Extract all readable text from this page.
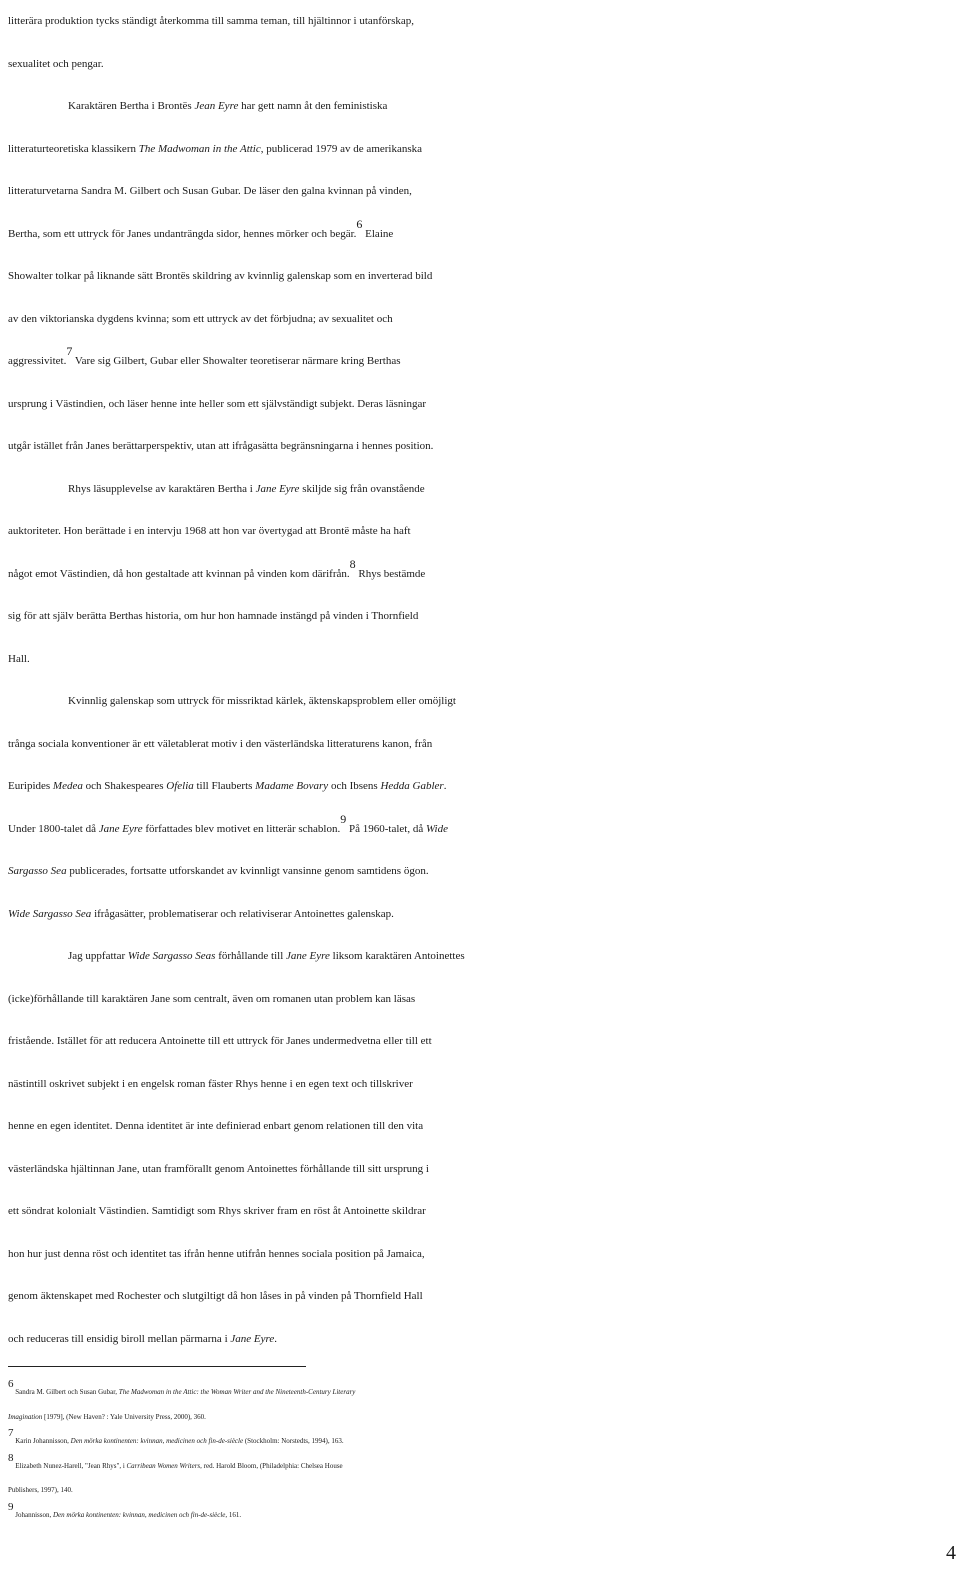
litterära produktion tycks ständigt återkomma till samma teman, till hjältinnor i utanförskap,
sexualitet och pengar.
Karaktären Bertha i Brontës Jean Eyre har gett namn åt den feministiska
litteraturteoretiska klassikern The Madwoman in the Attic, publicerad 1979 av de amerikanska
litteraturvetarna Sandra M. Gilbert och Susan Gubar. De läser den galna kvinnan på vinden,
Bertha, som ett uttryck för Janes undanträngda sidor, hennes mörker och begär.$^6$ Elaine
Showalter tolkar på liknande sätt Brontës skildring av kvinnlig galenskap som en inverterad bild
av den viktorianska dygdens kvinna; som ett uttryck av det förbjudna; av sexualitet och
aggressivitet.$^7$ Vare sig Gilbert, Gubar eller Showalter teoretiserar närmare kring Berthas
ursprung i Västindien, och läser henne inte heller som ett självständigt subjekt. Deras läsningar
utgår istället från Janes berättarperspektiv, utan att ifrågasätta begränsningarna i hennes position.
Rhys läsupplevelse av karaktären Bertha i Jane Eyre skiljde sig från ovanstående
auktoriteter. Hon berättade i en intervju 1968 att hon var övertygad att Brontë måste ha haft
något emot Västindien, då hon gestaltade att kvinnan på vinden kom därifrån.$^8$ Rhys bestämde
sig för att själv berätta Berthas historia, om hur hon hamnade instängd på vinden i Thornfield
Hall.
Kvinnlig galenskap som uttryck för missriktad kärlek, äktenskapsproblem eller omöjligt
trånga sociala konventioner är ett väletablerat motiv i den västerländska litteraturens kanon, från
Euripides Medea och Shakespeares Ofelia till Flauberts Madame Bovary och Ibsens Hedda Gabler.
Under 1800-talet då Jane Eyre författades blev motivet en litterär schablon.$^9$ På 1960-talet, då Wide
Sargasso Sea publicerades, fortsatte utforskandet av kvinnligt vansinne genom samtidens ögon.
Wide Sargasso Sea ifrågasätter, problematiserar och relativiserar Antoinettes galenskap.
Jag uppfattar Wide Sargasso Seas förhållande till Jane Eyre liksom karaktären Antoinettes
(icke)förhållande till karaktären Jane som centralt, även om romanen utan problem kan läsas
fristående. Istället för att reducera Antoinette till ett uttryck för Janes undermedvetna eller till ett
nästintill oskrivet subjekt i en engelsk roman fäster Rhys henne i en egen text och tillskriver
henne en egen identitet. Denna identitet är inte definierad enbart genom relationen till den vita
västerländska hjältinnan Jane, utan framförallt genom Antoinettes förhållande till sitt ursprung i
ett söndrat kolonialt Västindien. Samtidigt som Rhys skriver fram en röst åt Antoinette skildrar
hon hur just denna röst och identitet tas ifrån henne utifrån hennes sociala position på Jamaica,
genom äktenskapet med Rochester och slutgiltigt då hon låses in på vinden på Thornfield Hall
och reduceras till ensidig biroll mellan pärmarna i Jane Eyre.
$^6$ Sandra M. Gilbert och Susan Gubar, The Madwoman in the Attic: the Woman Writer and the Nineteenth-Century Literary
Imagination [1979], (New Haven? : Yale University Press, 2000), 360.
$^7$ Karin Johannisson, Den mörka kontinenten: kvinnan, medicinen och fin-de-siècle (Stockholm: Norstedts, 1994), 163.
$^8$ Elizabeth Nunez-Harell, "Jean Rhys", i Carribean Women Writers, red. Harold Bloom, (Philadelphia: Chelsea House
Publishers, 1997), 140.
$^9$ Johannisson, Den mörka kontinenten: kvinnan, medicinen och fin-de-siècle, 161.
4
